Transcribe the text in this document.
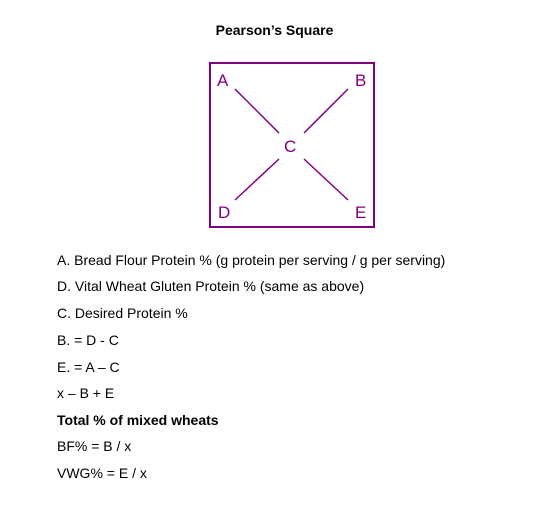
Pearson’s Square
A	B
C
D	E
A. Bread Flour Protein % (g protein per serving / g per serving)
D. Vital Wheat Gluten Protein % (same as above)
C. Desired Protein %
B. = D - C
E. = A – C
x – B + E
Total % of mixed wheats
BF% = B / x
VWG% = E / x
